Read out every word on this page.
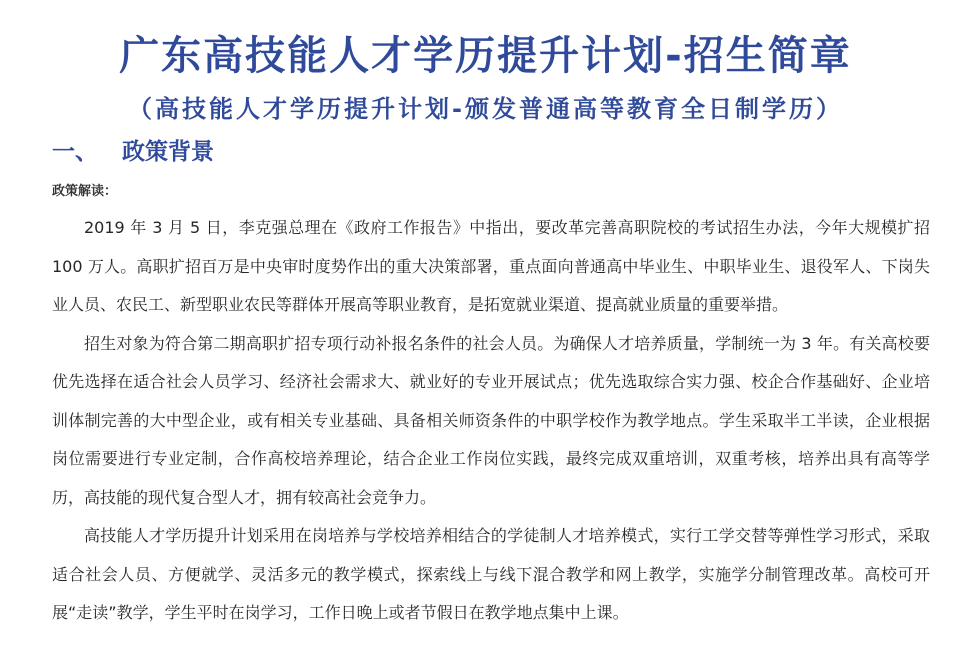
广东高技能人才学历提升计划-招生简章
（高技能人才学历提升计划-颁发普通高等教育全日制学历）
一、 政策背景
政策解读：

2019 年 3 月 5 日，李克强总理在《政府工作报告》中指出，要改革完善高职院校的考试招生办法，今年大规模扩招 100 万人。高职扩招百万是中央审时度势作出的重大决策部署，重点面向普通高中毕业生、中职毕业生、退役军人、下岗失业人员、农民工、新型职业农民等群体开展高等职业教育，是拓宽就业渠道、提高就业质量的重要举措。

招生对象为符合第二期高职扩招专项行动补报名条件的社会人员。为确保人才培养质量，学制统一为 3 年。有关高校要优先选择在适合社会人员学习、经济社会需求大、就业好的专业开展试点；优先选取综合实力强、校企合作基础好、企业培训体制完善的大中型企业，或有相关专业基础、具备相关师资条件的中职学校作为教学地点。学生采取半工半读，企业根据岗位需要进行专业定制，合作高校培养理论，结合企业工作岗位实践，最终完成双重培训，双重考核，培养出具有高等学历，高技能的现代复合型人才，拥有较高社会竞争力。

高技能人才学历提升计划采用在岗培养与学校培养相结合的学徒制人才培养模式，实行工学交替等弹性学习形式，采取适合社会人员、方便就学、灵活多元的教学模式，探索线上与线下混合教学和网上教学，实施学分制管理改革。高校可开展“走读”教学，学生平时在岗学习，工作日晚上或者节假日在教学地点集中上课。
